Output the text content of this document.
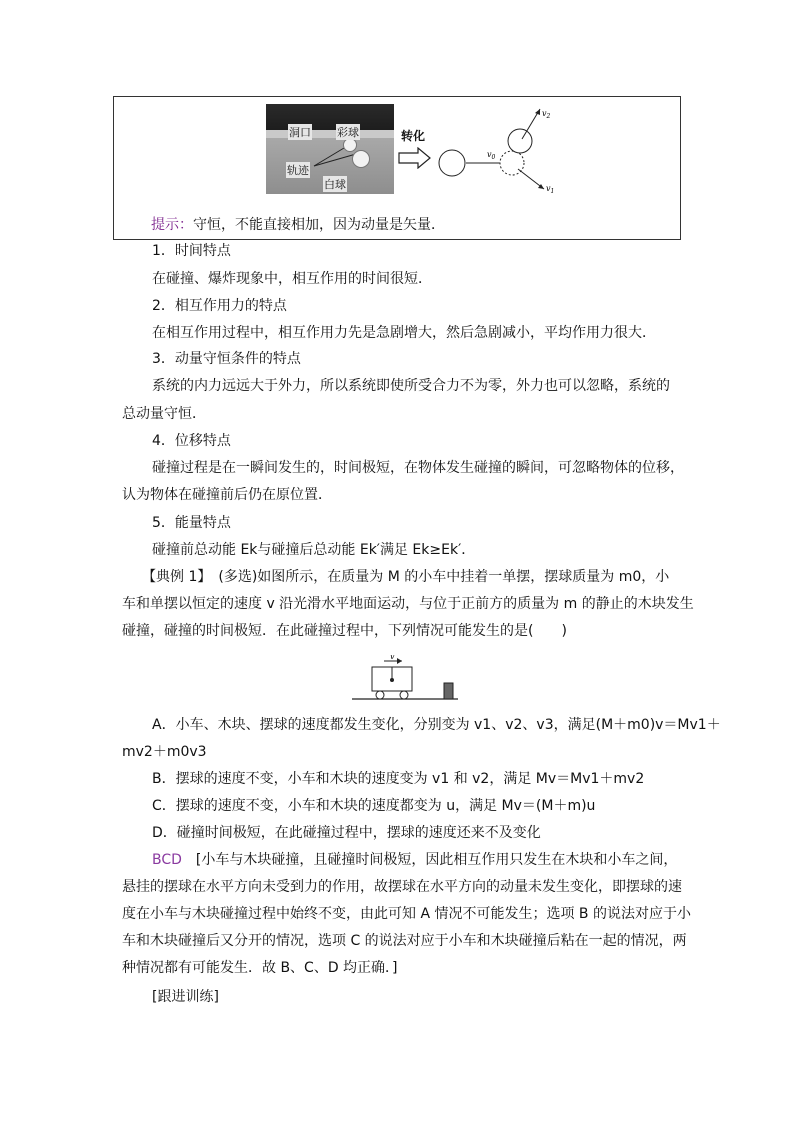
洞口 彩球
轨迹
白球
转化
$v_0$
$v_2$
$v_1$
提示：守恒，不能直接相加，因为动量是矢量．
1．时间特点
在碰撞、爆炸现象中，相互作用的时间很短．
2．相互作用力的特点
在相互作用过程中，相互作用力先是急剧增大，然后急剧减小，平均作用力很大．
3．动量守恒条件的特点
系统的内力远远大于外力，所以系统即使所受合力不为零，外力也可以忽略，系统的
总动量守恒．
4．位移特点
碰撞过程是在一瞬间发生的，时间极短，在物体发生碰撞的瞬间，可忽略物体的位移，
认为物体在碰撞前后仍在原位置．
5．能量特点
碰撞前总动能 Ek与碰撞后总动能 Ek′满足 Ek≥Ek′．
【典例 1】　(多选)如图所示，在质量为 M 的小车中挂着一单摆，摆球质量为 m0，小
车和单摆以恒定的速度 v 沿光滑水平地面运动，与位于正前方的质量为 m 的静止的木块发生
碰撞，碰撞的时间极短．在此碰撞过程中，下列情况可能发生的是(　　)
v
A．小车、木块、摆球的速度都发生变化，分别变为 v1、v2、v3，满足(M＋m0)v＝Mv1＋
mv2＋m0v3
B．摆球的速度不变，小车和木块的速度变为 v1 和 v2，满足 Mv＝Mv1＋mv2
C．摆球的速度不变，小车和木块的速度都变为 u，满足 Mv＝(M＋m)u
D．碰撞时间极短，在此碰撞过程中，摆球的速度还来不及变化
BCD　[小车与木块碰撞，且碰撞时间极短，因此相互作用只发生在木块和小车之间，
悬挂的摆球在水平方向未受到力的作用，故摆球在水平方向的动量未发生变化，即摆球的速
度在小车与木块碰撞过程中始终不变，由此可知 A 情况不可能发生；选项 B 的说法对应于小
车和木块碰撞后又分开的情况，选项 C 的说法对应于小车和木块碰撞后粘在一起的情况，两
种情况都有可能发生．故 B、C、D 均正确．]
[跟进训练]
